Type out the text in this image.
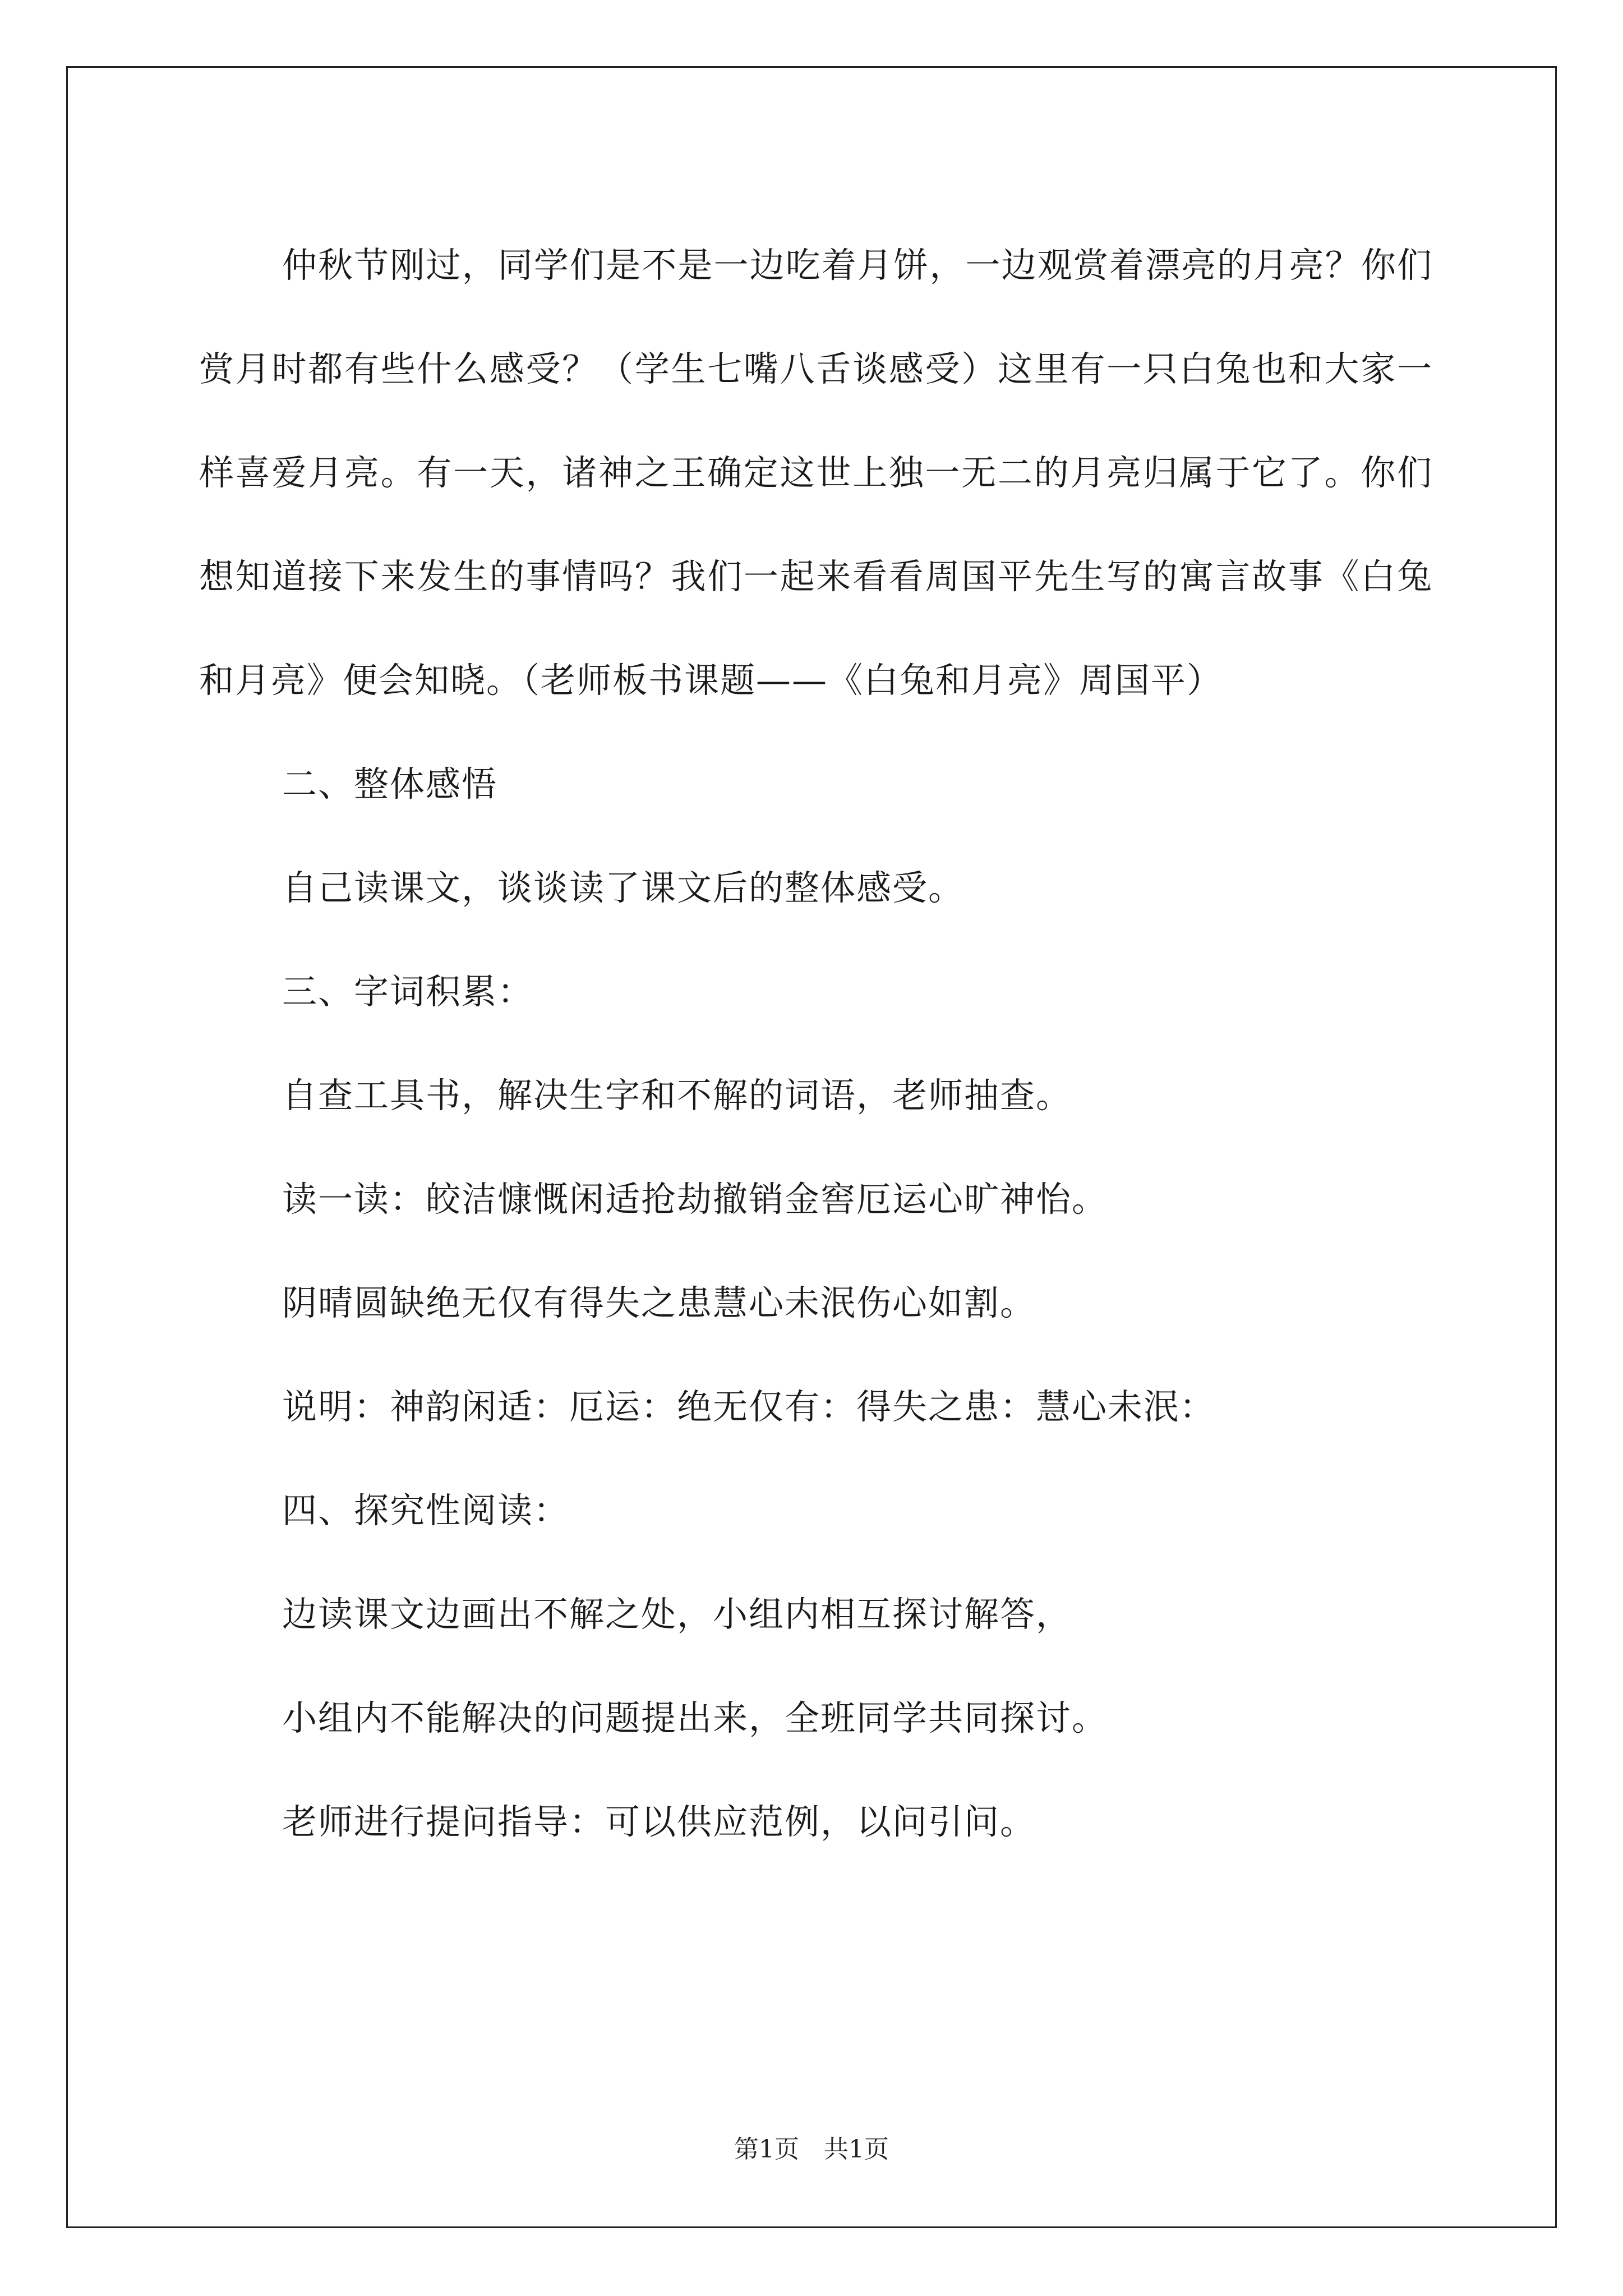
仲秋节刚过，同学们是不是一边吃着月饼，一边观赏着漂亮的月亮？你们赏月时都有些什么感受？（学生七嘴八舌谈感受）这里有一只白兔也和大家一样喜爱月亮。有一天，诸神之王确定这世上独一无二的月亮归属于它了。你们想知道接下来发生的事情吗？我们一起来看看周国平先生写的寓言故事《白兔和月亮》便会知晓。（老师板书课题——《白兔和月亮》周国平）

二、整体感悟

自己读课文，谈谈读了课文后的整体感受。

三、字词积累：

自查工具书，解决生字和不解的词语，老师抽查。

读一读：皎洁慷慨闲适抢劫撤销金窖厄运心旷神怡。

阴晴圆缺绝无仅有得失之患慧心未泯伤心如割。

说明：神韵闲适：厄运：绝无仅有：得失之患：慧心未泯：

四、探究性阅读：

边读课文边画出不解之处，小组内相互探讨解答，

小组内不能解决的问题提出来，全班同学共同探讨。

老师进行提问指导：可以供应范例，以问引问。

第1页　共1页
